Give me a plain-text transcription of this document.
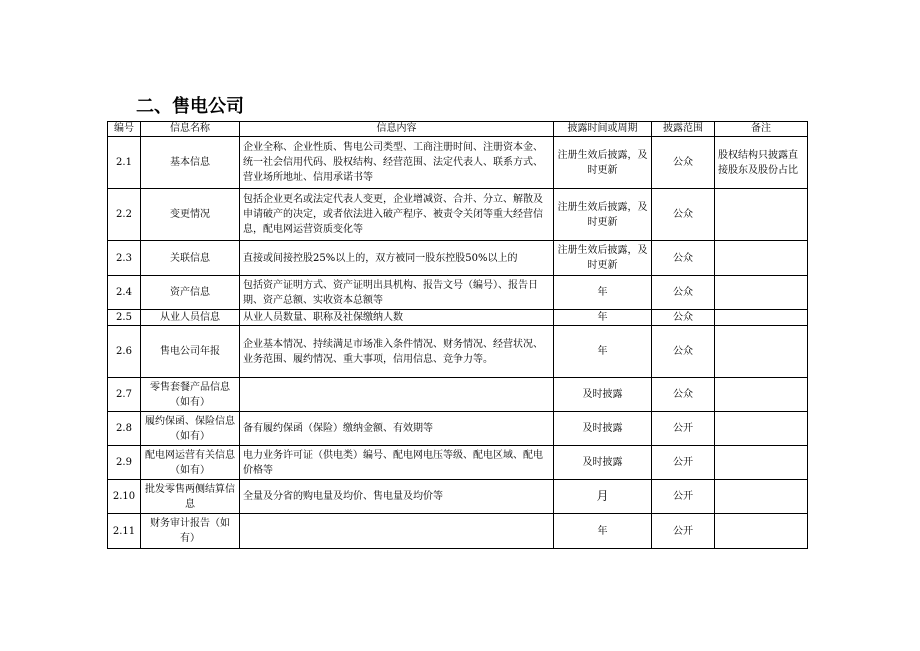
二、售电公司
编号	信息名称	信息内容	披露时间或周期	披露范围	备注
2.1	基本信息	企业全称、企业性质、售电公司类型、工商注册时间、注册资本金、统一社会信用代码、股权结构、经营范围、法定代表人、联系方式、营业场所地址、信用承诺书等	注册生效后披露，及时更新	公众	股权结构只披露直接股东及股份占比
2.2	变更情况	包括企业更名或法定代表人变更，企业增减资、合并、分立、解散及申请破产的决定，或者依法进入破产程序、被责令关闭等重大经营信息，配电网运营资质变化等	注册生效后披露，及时更新	公众	
2.3	关联信息	直接或间接控股25%以上的，双方被同一股东控股50%以上的	注册生效后披露，及时更新	公众	
2.4	资产信息	包括资产证明方式、资产证明出具机构、报告文号（编号）、报告日期、资产总额、实收资本总额等	年	公众	
2.5	从业人员信息	从业人员数量、职称及社保缴纳人数	年	公众	
2.6	售电公司年报	企业基本情况、持续满足市场准入条件情况、财务情况、经营状况、业务范围、履约情况、重大事项，信用信息、竞争力等。	年	公众	
2.7	零售套餐产品信息（如有）		及时披露	公众	
2.8	履约保函、保险信息（如有）	备有履约保函（保险）缴纳金额、有效期等	及时披露	公开	
2.9	配电网运营有关信息（如有）	电力业务许可证（供电类）编号、配电网电压等级、配电区域、配电价格等	及时披露	公开	
2.10	批发零售两侧结算信息	全量及分省的购电量及均价、售电量及均价等	月	公开	
2.11	财务审计报告（如有）		年	公开	
